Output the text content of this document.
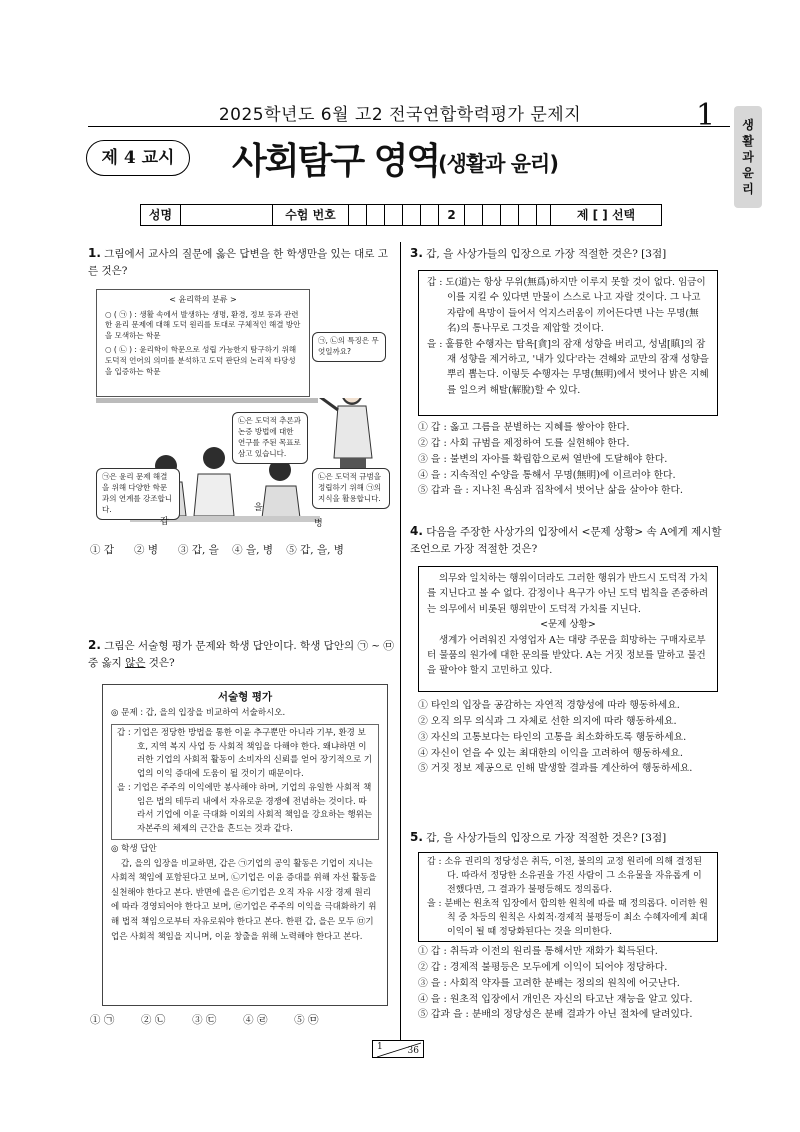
2025학년도 6월 고2 전국연합학력평가 문제지	1 생
활
과
윤
리
제 4 교시	사회탐구 영역
(생활과 윤리)
성명	수험 번호	2	제 [ ] 선택
1. 그림에서 교사의 질문에 옳은 답변을 한 학생만을 있는 대로 고른 것은?
< 윤리학의 분류 >
○ ( ㉠ ) : 생활 속에서 발생하는 생명, 환경, 정보 등과 관련한 윤리 문제에 대해 도덕 원리를 토대로 구체적인 해결 방안을 모색하는 학문
○ ( ㉡ ) : 윤리학이 학문으로 성립 가능한지 탐구하기 위해 도덕적 언어의 의미를 분석하고 도덕 판단의 논리적 타당성을 입증하는 학문
㉠, ㉡의 특징은 무엇일까요?
㉡은 도덕적 추론과 논증 방법에 대한 연구를 주된 목표로 삼고 있습니다.
㉠은 윤리 문제 해결을 위해 다양한 학문과의 연계를 강조합니다.
㉡은 도덕적 규범을 정립하기 위해 ㉠의 지식을 활용합니다.
갑
을
병
① 갑      ② 병      ③ 갑, 을    ④ 을, 병    ⑤ 갑, 을, 병
2. 그림은 서술형 평가 문제와 학생 답안이다. 학생 답안의 ㉠ ~ ㉤ 중 옳지 않은 것은?
서술형 평가
◎ 문제 : 갑, 을의 입장을 비교하여 서술하시오.
갑 : 기업은 정당한 방법을 통한 이윤 추구뿐만 아니라 기부, 환경 보호, 지역 복지 사업 등 사회적 책임을 다해야 한다. 왜냐하면 이러한 기업의 사회적 활동이 소비자의 신뢰를 얻어 장기적으로 기업의 이익 증대에 도움이 될 것이기 때문이다.
을 : 기업은 주주의 이익에만 봉사해야 하며, 기업의 유일한 사회적 책임은 법의 테두리 내에서 자유로운 경쟁에 전념하는 것이다. 따라서 기업에 이윤 극대화 이외의 사회적 책임을 강요하는 행위는 자본주의 체제의 근간을 흔드는 것과 같다.
◎ 학생 답안
갑, 을의 입장을 비교하면, 갑은 ㉠기업의 공익 활동은 기업이 지니는 사회적 책임에 포함된다고 보며, ㉡기업은 이윤 증대를 위해 자선 활동을 실천해야 한다고 본다. 반면에 을은 ㉢기업은 오직 자유 시장 경제 원리에 따라 경영되어야 한다고 보며, ㉣기업은 주주의 이익을 극대화하기 위해 법적 책임으로부터 자유로워야 한다고 본다. 한편 갑, 을은 모두 ㉤기업은 사회적 책임을 지니며, 이윤 창출을 위해 노력해야 한다고 본다.
① ㉠        ② ㉡        ③ ㉢        ④ ㉣        ⑤ ㉤
3. 갑, 을 사상가들의 입장으로 가장 적절한 것은? [3점]
갑 : 도(道)는 항상 무위(無爲)하지만 이루지 못할 것이 없다. 임금이 이를 지킬 수 있다면 만물이 스스로 나고 자랄 것이다. 그 나고 자람에 욕망이 들어서 억지스러움이 끼어든다면 나는 무명(無名)의 통나무로 그것을 제압할 것이다.
을 : 훌륭한 수행자는 탐욕[貪]의 잠재 성향을 버리고, 성냄[瞋]의 잠재 성향을 제거하고, '내가 있다'라는 견해와 교만의 잠재 성향을 뿌리 뽑는다. 이렇듯 수행자는 무명(無明)에서 벗어나 밝은 지혜를 일으켜 해탈(解脫)할 수 있다.
① 갑 : 옳고 그름을 분별하는 지혜를 쌓아야 한다.
② 갑 : 사회 규범을 제정하여 도를 실현해야 한다.
③ 을 : 불변의 자아를 확립함으로써 열반에 도달해야 한다.
④ 을 : 지속적인 수양을 통해서 무명(無明)에 이르러야 한다.
⑤ 갑과 을 : 지나친 욕심과 집착에서 벗어난 삶을 살아야 한다.
4. 다음을 주장한 사상가의 입장에서 <문제 상황> 속 A에게 제시할 조언으로 가장 적절한 것은?
의무와 일치하는 행위이더라도 그러한 행위가 반드시 도덕적 가치를 지닌다고 볼 수 없다. 감정이나 욕구가 아닌 도덕 법칙을 존중하려는 의무에서 비롯된 행위만이 도덕적 가치를 지닌다.
<문제 상황>
생계가 어려워진 자영업자 A는 대량 주문을 희망하는 구매자로부터 물품의 원가에 대한 문의를 받았다. A는 거짓 정보를 말하고 물건을 팔아야 할지 고민하고 있다.
① 타인의 입장을 공감하는 자연적 경향성에 따라 행동하세요.
② 오직 의무 의식과 그 자체로 선한 의지에 따라 행동하세요.
③ 자신의 고통보다는 타인의 고통을 최소화하도록 행동하세요.
④ 자신이 얻을 수 있는 최대한의 이익을 고려하여 행동하세요.
⑤ 거짓 정보 제공으로 인해 발생할 결과를 계산하여 행동하세요.
5. 갑, 을 사상가들의 입장으로 가장 적절한 것은? [3점]
갑 : 소유 권리의 정당성은 취득, 이전, 불의의 교정 원리에 의해 결정된다. 따라서 정당한 소유권을 가진 사람이 그 소유물을 자유롭게 이전했다면, 그 결과가 불평등해도 정의롭다.
을 : 분배는 원초적 입장에서 합의한 원칙에 따를 때 정의롭다. 이러한 원칙 중 차등의 원칙은 사회적·경제적 불평등이 최소 수혜자에게 최대 이익이 될 때 정당화된다는 것을 의미한다.
① 갑 : 취득과 이전의 원리를 통해서만 재화가 획득된다.
② 갑 : 경제적 불평등은 모두에게 이익이 되어야 정당하다.
③ 을 : 사회적 약자를 고려한 분배는 정의의 원칙에 어긋난다.
④ 을 : 원초적 입장에서 개인은 자신의 타고난 재능을 알고 있다.
⑤ 갑과 을 : 분배의 정당성은 분배 결과가 아닌 절차에 달려있다.
1	36
